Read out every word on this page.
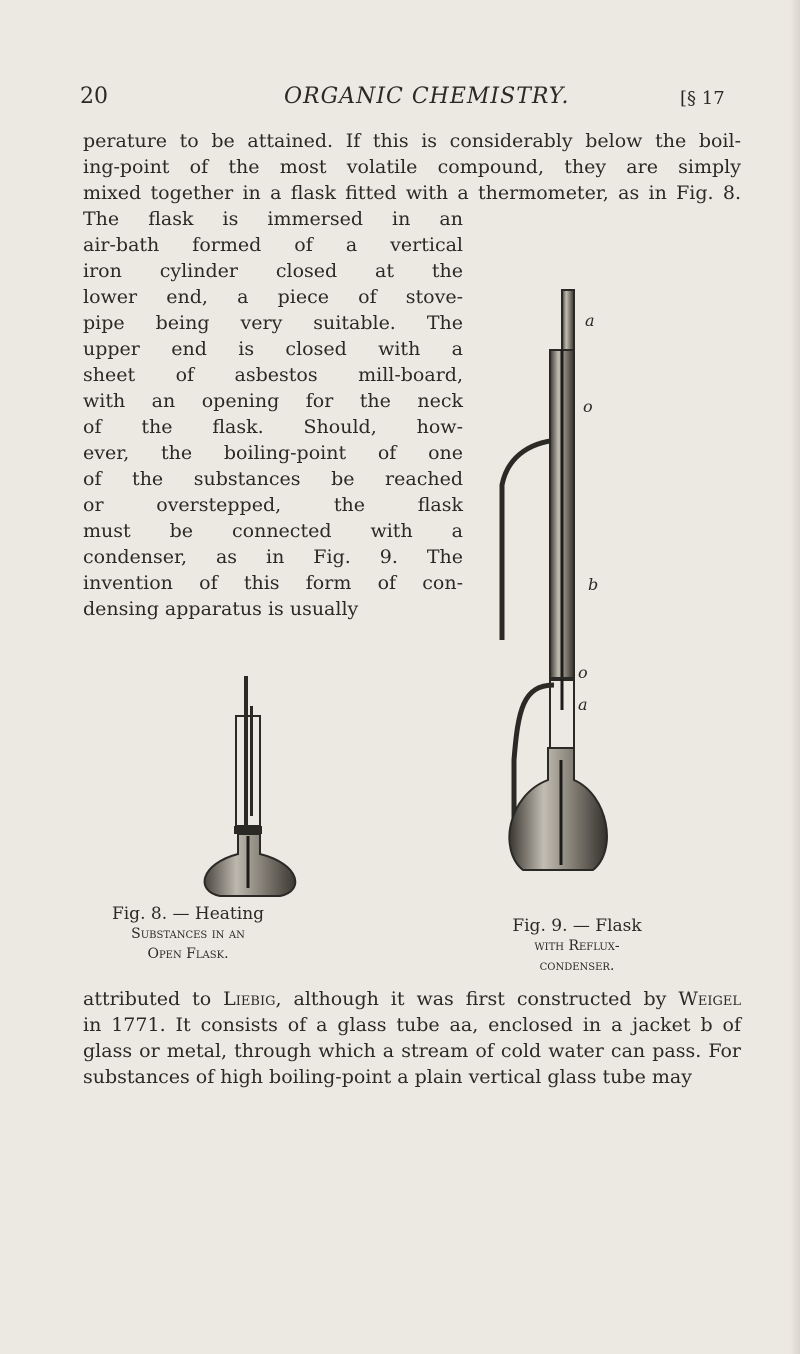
20	ORGANIC CHEMISTRY.	[§ 17
perature to be attained. If this is considerably below the boil-
ing-point of the most volatile compound, they are simply
mixed together in a flask fitted with a thermometer, as in Fig. 8.
The flask is immersed in an
air-bath formed of a vertical
iron cylinder closed at the
lower end, a piece of stove-
pipe being very suitable. The
upper end is closed with a
sheet of asbestos mill-board,
with an opening for the neck
of the flask. Should, how-
ever, the boiling-point of one
of the substances be reached
or overstepped, the flask
must be connected with a
condenser, as in Fig. 9. The
invention of this form of con-
densing apparatus is usually
Fig. 8. — Heating
Substances in an
Open Flask.
a
o
b
o
a
Fig. 9. — Flask
with Reflux-
condenser.
attributed to Liebig, although it was first constructed by Weigel
in 1771. It consists of a glass tube aa, enclosed in a jacket b of
glass or metal, through which a stream of cold water can pass. For
substances of high boiling-point a plain vertical glass tube may
